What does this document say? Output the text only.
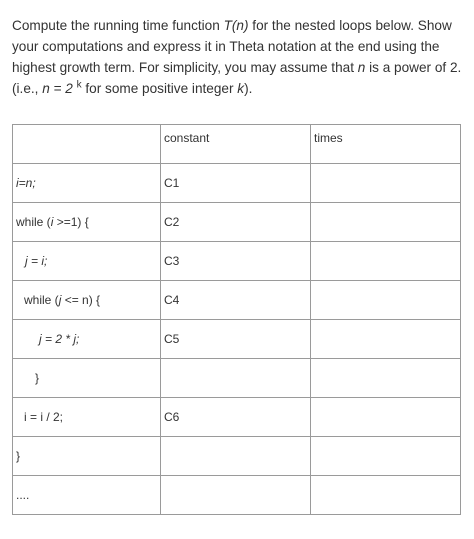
Compute the running time function T(n) for the nested loops below. Show your computations and express it in Theta notation at the end using the highest growth term. For simplicity, you may assume that n is a power of 2. (i.e., n = 2 $^k$ for some positive integer k).

	constant	times
i=n;	C1	
while (i >=1) {	C2	
j = i;	C3	
while (j <= n) {	C4	
j = 2 * j;	C5	
}		
i = i / 2;	C6	
}		
....		
